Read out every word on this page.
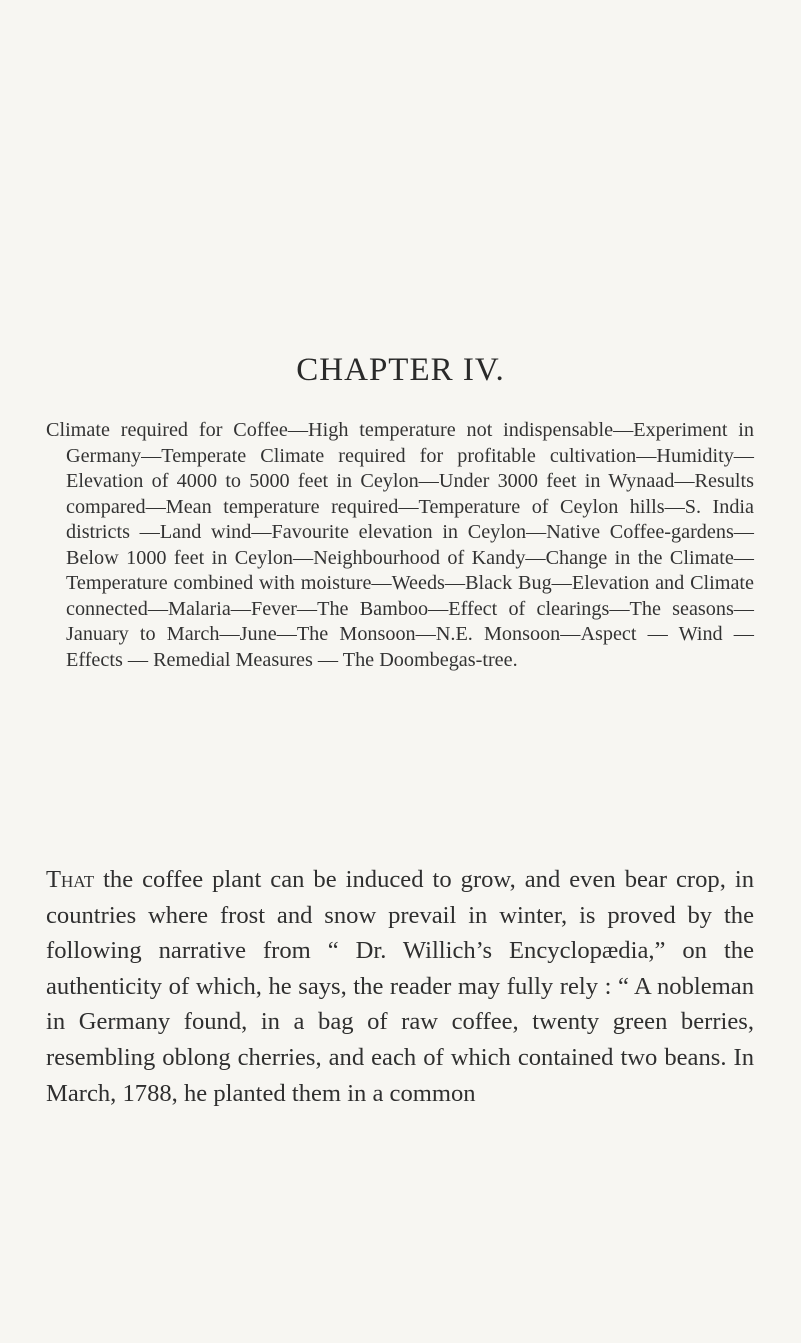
CHAPTER IV.

Climate required for Coffee—High temperature not indispensable—Experiment in Germany—Temperate Climate required for profitable cultivation—Humidity—Elevation of 4000 to 5000 feet in Ceylon—Under 3000 feet in Wynaad—Results compared—Mean temperature required—Temperature of Ceylon hills—S. India districts —Land wind—Favourite elevation in Ceylon—Native Coffee-gardens—Below 1000 feet in Ceylon—Neighbourhood of Kandy—Change in the Climate—Temperature combined with moisture—Weeds—Black Bug—Elevation and Climate connected—Malaria—Fever—The Bamboo—Effect of clearings—The seasons—January to March—June—The Monsoon—N.E. Monsoon—Aspect — Wind — Effects — Remedial Measures — The Doombegas-tree.

That the coffee plant can be induced to grow, and even bear crop, in countries where frost and snow prevail in winter, is proved by the following narrative from “ Dr. Willich’s Encyclopædia,” on the authenticity of which, he says, the reader may fully rely : “ A nobleman in Germany found, in a bag of raw coffee, twenty green berries, resembling oblong cherries, and each of which contained two beans. In March, 1788, he planted them in a common
